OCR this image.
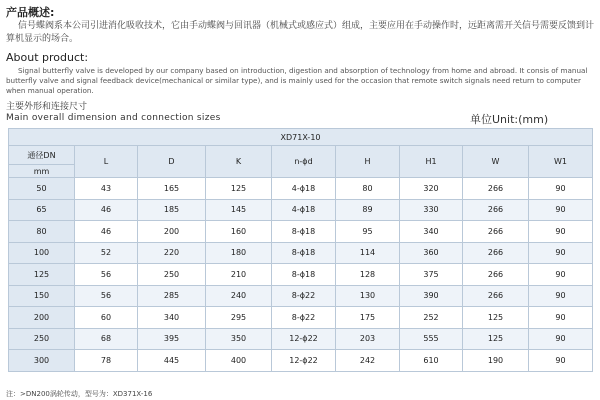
产品概述:
信号蝶阀系本公司引进消化吸收技术，它由手动蝶阀与回讯器（机械式或感应式）组成，主要应用在手动操作时，远距离需开关信号需要反馈到计算机显示的场合。
About product:
Signal butterfly valve is developed by our company based on introduction, digestion and absorption of technology from home and abroad. It consis of manual butterfly valve and signal feedback device(mechanical or similar type), and is mainly used for the occasion that remote switch signals need return to computer when manual operation.
主要外形和连接尺寸
Main overall dimension and connection sizes	单位Unit:(mm)
XD71X-10								
通径DN	L	D	K	n-ϕd	H	H1	W	W1
mm								
50	43	165	125	4-ϕ18	80	320	266	90
65	46	185	145	4-ϕ18	89	330	266	90
80	46	200	160	8-ϕ18	95	340	266	90
100	52	220	180	8-ϕ18	114	360	266	90
125	56	250	210	8-ϕ18	128	375	266	90
150	56	285	240	8-ϕ22	130	390	266	90
200	60	340	295	8-ϕ22	175	252	125	90
250	68	395	350	12-ϕ22	203	555	125	90
300	78	445	400	12-ϕ22	242	610	190	90
注：>DN200涡轮传动，型号为：XD371X-16
